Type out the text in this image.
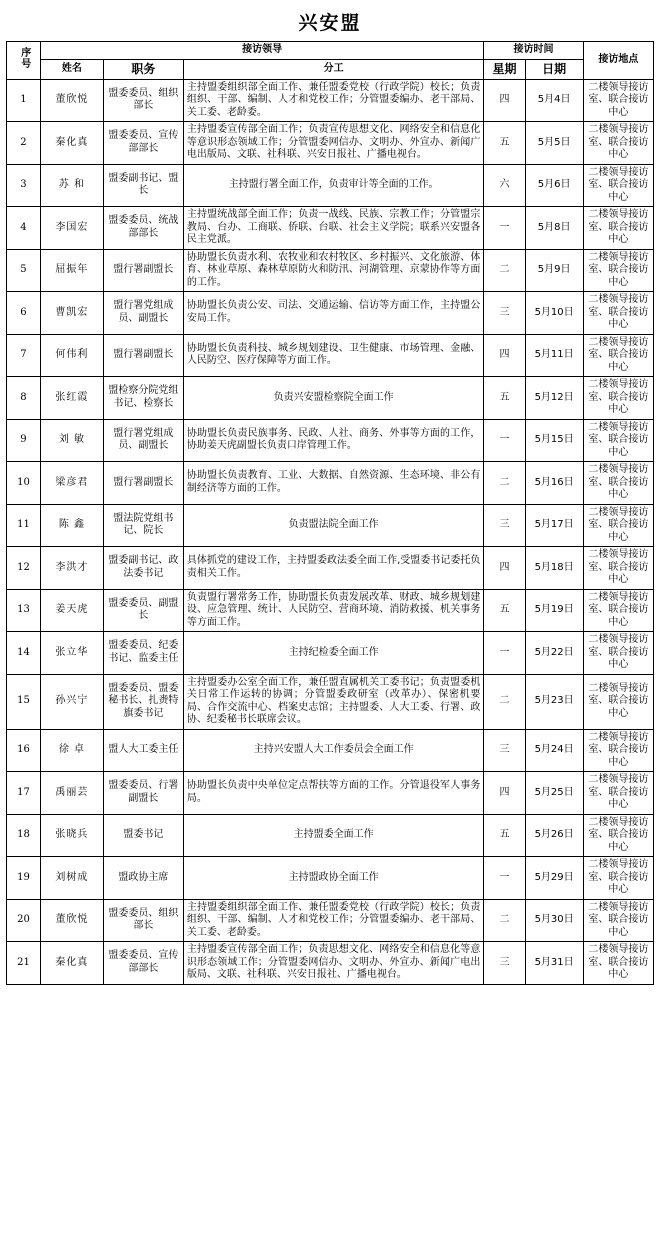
兴安盟
序号	接访领导			接访时间		接访地点
	姓名	职务	分工	星期	日期	
1	董欣悦	盟委委员、组织部长	主持盟委组织部全面工作、兼任盟委党校（行政学院）校长；负责组织、干部、编制、人才和党校工作；分管盟委编办、老干部局、关工委、老龄委。	四	5月4日	二楼领导接访室、联合接访中心
2	秦化真	盟委委员、宣传部部长	主持盟委宣传部全面工作；负责宣传思想文化、网络安全和信息化等意识形态领域工作；分管盟委网信办、文明办、外宣办、新闻广电出版局、文联、社科联、兴安日报社、广播电视台。	五	5月5日	二楼领导接访室、联合接访中心
3	苏 和	盟委副书记、盟长	主持盟行署全面工作，负责审计等全面的工作。	六	5月6日	二楼领导接访室、联合接访中心
4	李国宏	盟委委员、统战部部长	主持盟统战部全面工作；负责一战线、民族、宗教工作；分管盟宗教局、台办、工商联、侨联、台联、社会主义学院；联系兴安盟各民主党派。	一	5月8日	二楼领导接访室、联合接访中心
5	屈振年	盟行署副盟长	协助盟长负责水利、农牧业和农村牧区、乡村振兴、文化旅游、体育、林业草原、森林草原防火和防汛、河湖管理、京蒙协作等方面的工作。	二	5月9日	二楼领导接访室、联合接访中心
6	曹凯宏	盟行署党组成员、副盟长	协助盟长负责公安、司法、交通运输、信访等方面工作，主持盟公安局工作。	三	5月10日	二楼领导接访室、联合接访中心
7	何伟利	盟行署副盟长	协助盟长负责科技、城乡规划建设、卫生健康、市场管理、金融、人民防空、医疗保障等方面工作。	四	5月11日	二楼领导接访室、联合接访中心
8	张红霞	盟检察分院党组书记、检察长	负责兴安盟检察院全面工作	五	5月12日	二楼领导接访室、联合接访中心
9	刘 敏	盟行署党组成员、副盟长	协助盟长负责民族事务、民政、人社、商务、外事等方面的工作，协助姜天虎副盟长负责口岸管理工作。	一	5月15日	二楼领导接访室、联合接访中心
10	梁彦君	盟行署副盟长	协助盟长负责教育、工业、大数据、自然资源、生态环境、非公有制经济等方面的工作。	二	5月16日	二楼领导接访室、联合接访中心
11	陈 鑫	盟法院党组书记、院长	负责盟法院全面工作	三	5月17日	二楼领导接访室、联合接访中心
12	李洪才	盟委副书记、政法委书记	具体抓党的建设工作，主持盟委政法委全面工作,受盟委书记委托负责相关工作。	四	5月18日	二楼领导接访室、联合接访中心
13	姜天虎	盟委委员、副盟长	负责盟行署常务工作，协助盟长负责发展改革、财政、城乡规划建设、应急管理、统计、人民防空、营商环境、消防救援、机关事务等方面工作。	五	5月19日	二楼领导接访室、联合接访中心
14	张立华	盟委委员、纪委书记、监委主任	主持纪检委全面工作	一	5月22日	二楼领导接访室、联合接访中心
15	孙兴宁	盟委委员、盟委秘书长、扎赉特旗委书记	主持盟委办公室全面工作，兼任盟直属机关工委书记；负责盟委机关日常工作运转的协调；分管盟委政研室（改革办）、保密机要局、合作交流中心、档案史志馆；主持盟委、人大工委、行署、政协、纪委秘书长联席会议。	二	5月23日	二楼领导接访室、联合接访中心
16	徐 卓	盟人大工委主任	主持兴安盟人大工作委员会全面工作	三	5月24日	二楼领导接访室、联合接访中心
17	禹丽芸	盟委委员、行署副盟长	协助盟长负责中央单位定点帮扶等方面的工作。分管退役军人事务局。	四	5月25日	二楼领导接访室、联合接访中心
18	张晓兵	盟委书记	主持盟委全面工作	五	5月26日	二楼领导接访室、联合接访中心
19	刘树成	盟政协主席	主持盟政协全面工作	一	5月29日	二楼领导接访室、联合接访中心
20	董欣悦	盟委委员、组织部长	主持盟委组织部全面工作、兼任盟委党校（行政学院）校长；负责组织、干部、编制、人才和党校工作；分管盟委编办、老干部局、关工委、老龄委。	二	5月30日	二楼领导接访室、联合接访中心
21	秦化真	盟委委员、宣传部部长	主持盟委宣传部全面工作；负责思想文化、网络安全和信息化等意识形态领域工作；分管盟委网信办、文明办、外宣办、新闻广电出版局、文联、社科联、兴安日报社、广播电视台。	三	5月31日	二楼领导接访室、联合接访中心
